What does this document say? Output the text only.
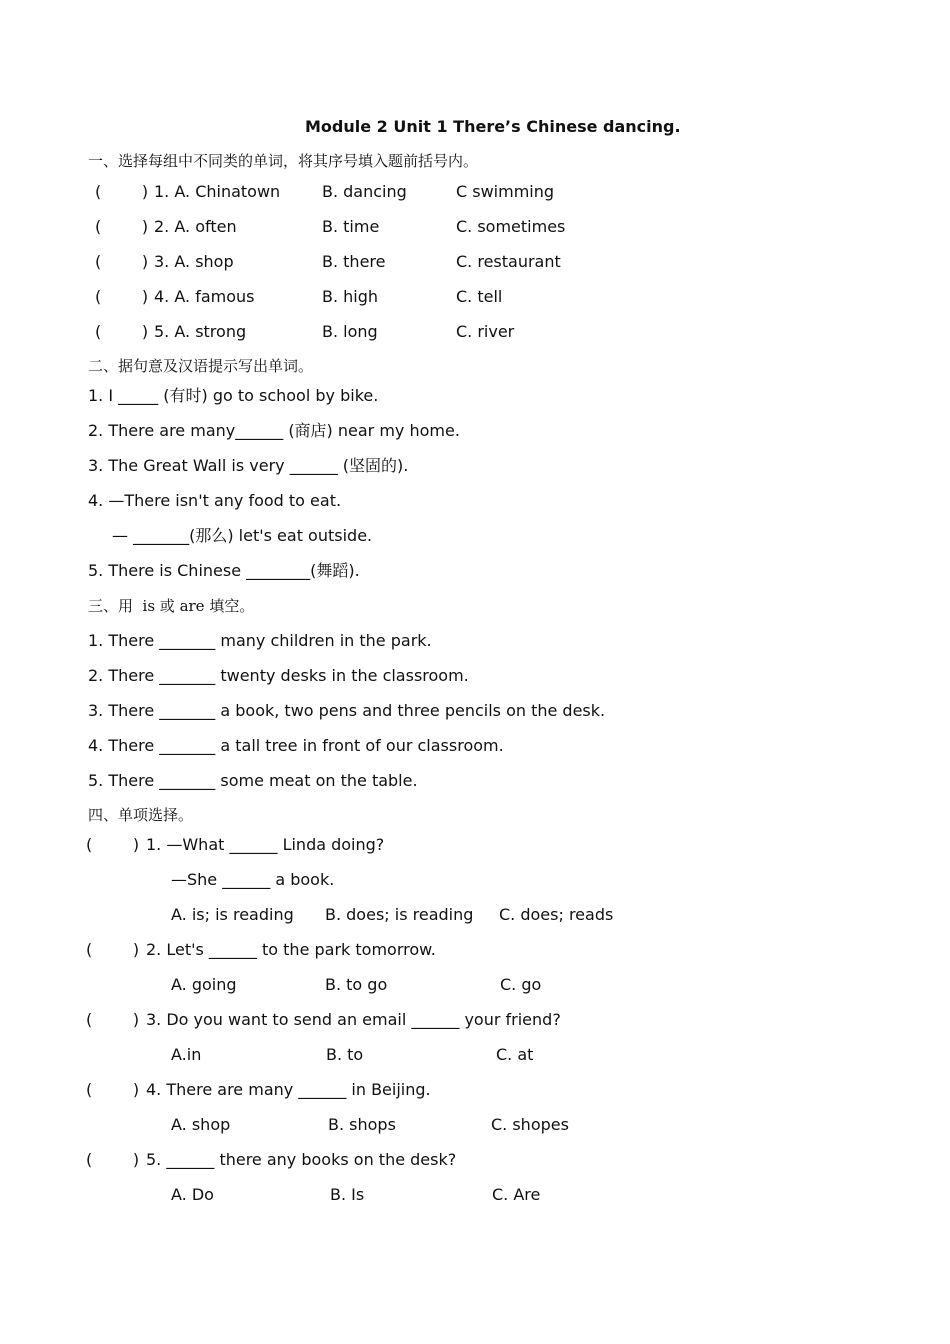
Module 2 Unit 1 There’s Chinese dancing.
一、选择每组中不同类的单词，将其序号填入题前括号内。
(        ) 1. A. Chinatown	B. dancing	C swimming
(        ) 2. A. often	B. time	C. sometimes
(        ) 3. A. shop	B. there	C. restaurant
(        ) 4. A. famous	B. high	C. tell
(        ) 5. A. strong	B. long	C. river
二、据句意及汉语提示写出单词。
1. I _____ (有时) go to school by bike.
2. There are many______ (商店) near my home.
3. The Great Wall is very ______ (坚固的).
4. —There isn't any food to eat.
— _______(那么) let's eat outside.
5. There is Chinese ________(舞蹈).
三、用  is 或 are 填空。
1. There _______ many children in the park.
2. There _______ twenty desks in the classroom.
3. There _______ a book, two pens and three pencils on the desk.
4. There _______ a tall tree in front of our classroom.
5. There _______ some meat on the table.
四、单项选择。
(        ) 1. —What ______ Linda doing?
—She ______ a book.
A. is; is reading B. does; is reading C. does; reads
(        ) 2. Let's ______ to the park tomorrow.
A. going	B. to go	C. go
(        ) 3. Do you want to send an email ______ your friend?
A.in	B. to	C. at
(        ) 4. There are many ______ in Beijing.
A. shop	B. shops	C. shopes
(        ) 5. ______ there any books on the desk?
A. Do	B. Is	C. Are
